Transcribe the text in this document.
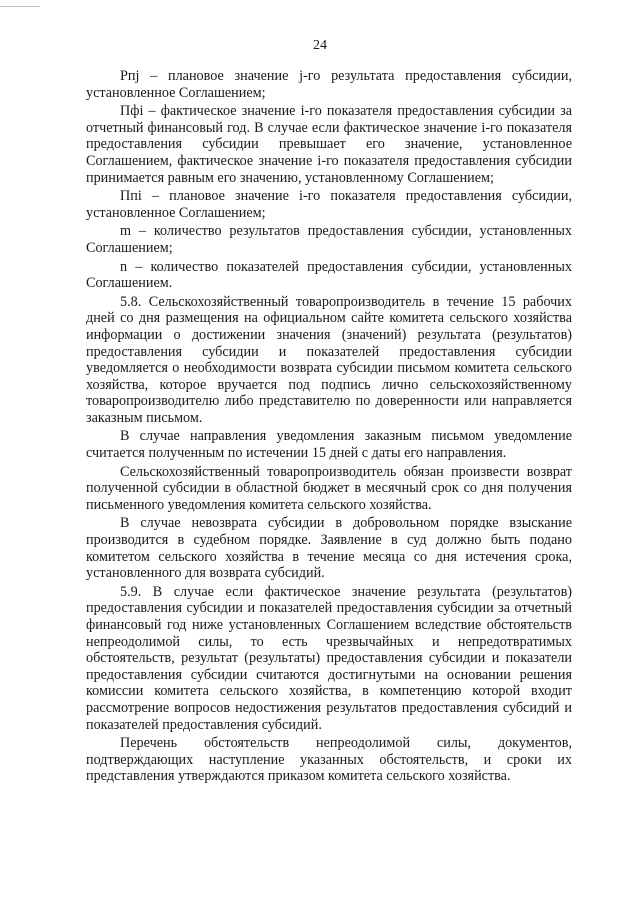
24

Рпj – плановое значение j-го результата предоставления субсидии, установленное Соглашением;

Пфi – фактическое значение i-го показателя предоставления субсидии за отчетный финансовый год. В случае если фактическое значение i-го показателя предоставления субсидии превышает его значение, установленное Соглашением, фактическое значение i-го показателя предоставления субсидии принимается равным его значению, установленному Соглашением;

Ппi – плановое значение i-го показателя предоставления субсидии, установленное Соглашением;

m – количество результатов предоставления субсидии, установленных Соглашением;

n – количество показателей предоставления субсидии, установленных Соглашением.

5.8. Сельскохозяйственный товаропроизводитель в течение 15 рабочих дней со дня размещения на официальном сайте комитета сельского хозяйства информации о достижении значения (значений) результата (результатов) предоставления субсидии и показателей предоставления субсидии уведомляется о необходимости возврата субсидии письмом комитета сельского хозяйства, которое вручается под подпись лично сельскохозяйственному товаропроизводителю либо представителю по доверенности или направляется заказным письмом.

В случае направления уведомления заказным письмом уведомление считается полученным по истечении 15 дней с даты его направления.

Сельскохозяйственный товаропроизводитель обязан произвести возврат полученной субсидии в областной бюджет в месячный срок со дня получения письменного уведомления комитета сельского хозяйства.

В случае невозврата субсидии в добровольном порядке взыскание производится в судебном порядке. Заявление в суд должно быть подано комитетом сельского хозяйства в течение месяца со дня истечения срока, установленного для возврата субсидий.

5.9. В случае если фактическое значение результата (результатов) предоставления субсидии и показателей предоставления субсидии за отчетный финансовый год ниже установленных Соглашением вследствие обстоятельств непреодолимой силы, то есть чрезвычайных и непредотвратимых обстоятельств, результат (результаты) предоставления субсидии и показатели предоставления субсидии считаются достигнутыми на основании решения комиссии комитета сельского хозяйства, в компетенцию которой входит рассмотрение вопросов недостижения результатов предоставления субсидий и показателей предоставления субсидий.

Перечень обстоятельств непреодолимой силы, документов, подтверждающих наступление указанных обстоятельств, и сроки их представления утверждаются приказом комитета сельского хозяйства.
